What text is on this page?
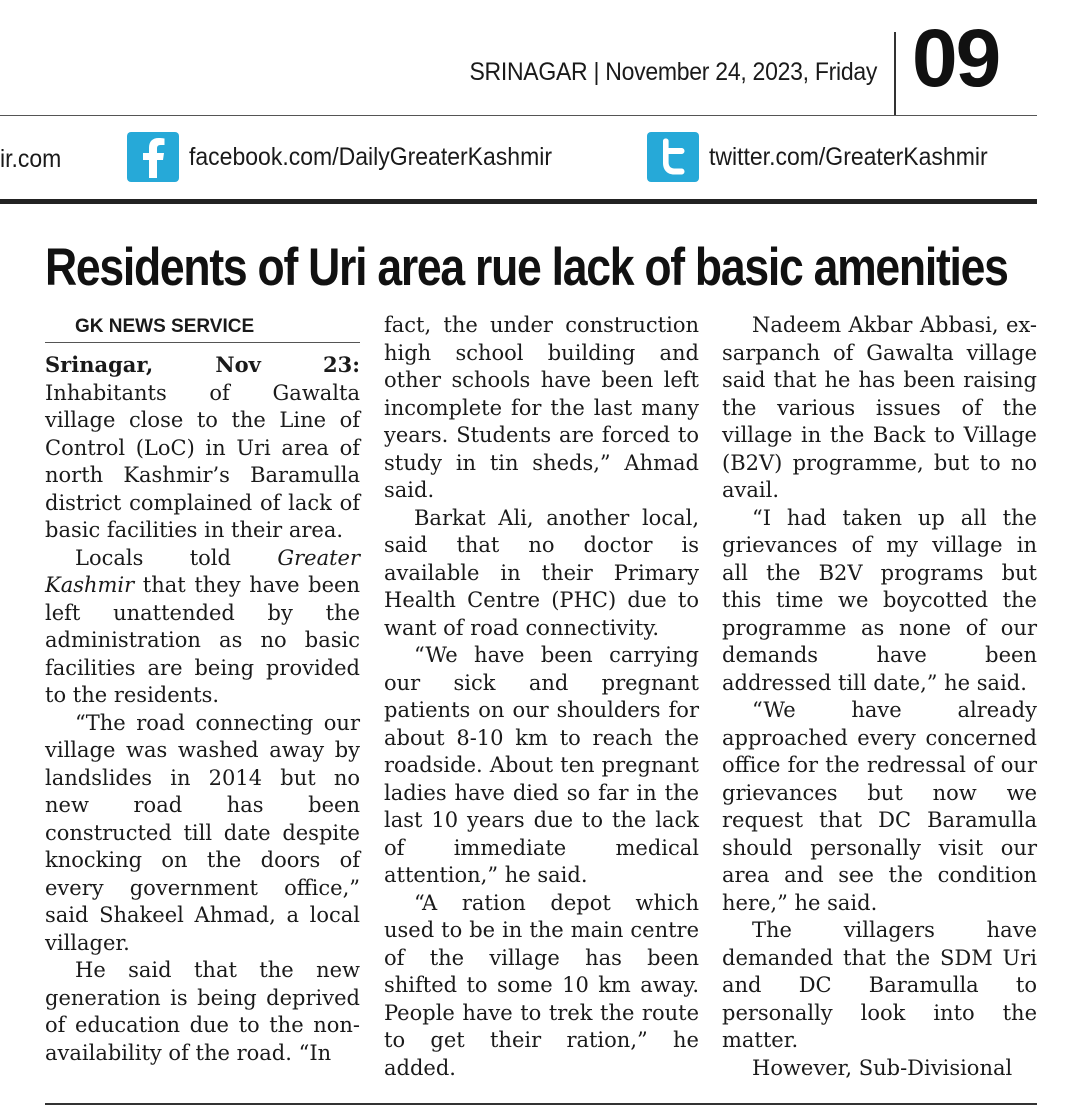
SRINAGAR | November 24, 2023, Friday 09
ir.com	facebook.com/DailyGreaterKashmir	twitter.com/GreaterKashmir
Residents of Uri area rue lack of basic amenities
GK NEWS SERVICE

Srinagar, Nov 23: Inhabitants of Gawalta village close to the Line of Control (LoC) in Uri area of north Kashmir’s Baramulla district complained of lack of basic facilities in their area.

Locals told Greater Kashmir that they have been left unattended by the administration as no basic facilities are being provided to the residents.

“The road connecting our village was washed away by landslides in 2014 but no new road has been constructed till date despite knocking on the doors of every government office,” said Shakeel Ahmad, a local villager.

He said that the new generation is being deprived of education due to the non-availability of the road. “In

fact, the under construction high school building and other schools have been left incomplete for the last many years. Students are forced to study in tin sheds,” Ahmad said.

Barkat Ali, another local, said that no doctor is available in their Primary Health Centre (PHC) due to want of road connectivity.

“We have been carrying our sick and pregnant patients on our shoulders for about 8-10 km to reach the roadside. About ten pregnant ladies have died so far in the last 10 years due to the lack of immediate medical attention,” he said.

“A ration depot which used to be in the main centre of the village has been shifted to some 10 km away. People have to trek the route to get their ration,” he added.

Nadeem Akbar Abbasi, ex-sarpanch of Gawalta village said that he has been raising the various issues of the village in the Back to Village (B2V) programme, but to no avail.

“I had taken up all the grievances of my village in all the B2V programs but this time we boycotted the programme as none of our demands have been addressed till date,” he said.

“We have already approached every concerned office for the redressal of our grievances but now we request that DC Baramulla should personally visit our area and see the condition here,” he said.

The villagers have demanded that the SDM Uri and DC Baramulla to personally look into the matter.

However, Sub-Divisional
